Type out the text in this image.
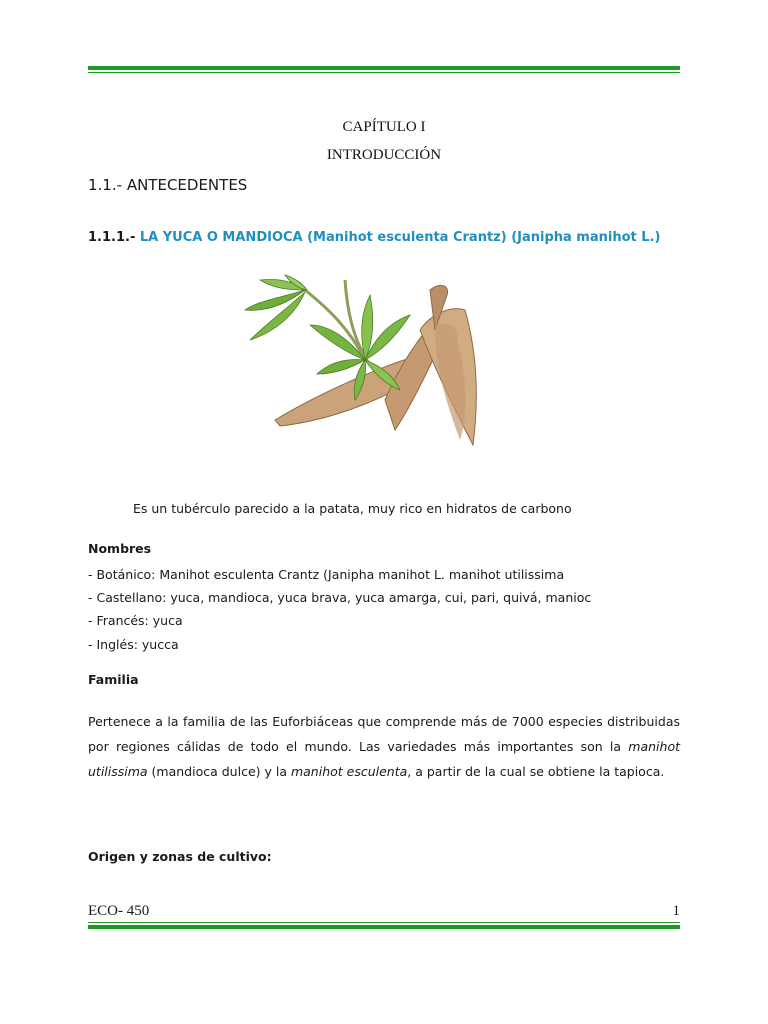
CAPÍTULO I
INTRODUCCIÓN
1.1.- ANTECEDENTES
1.1.1.- LA YUCA O MANDIOCA (Manihot esculenta Crantz) (Janipha manihot L.)
Es un tubérculo parecido a la patata, muy rico en hidratos de carbono
Nombres
- Botánico: Manihot esculenta Crantz (Janipha manihot L. manihot utilissima
- Castellano: yuca, mandioca, yuca brava, yuca amarga, cui, pari, quivá, manioc
- Francés: yuca
- Inglés: yucca
Familia
Pertenece a la familia de las Euforbiáceas que comprende más de 7000 especies distribuidas por regiones cálidas de todo el mundo. Las variedades más importantes son la manihot utilissima (mandioca dulce) y la manihot esculenta, a partir de la cual se obtiene la tapioca.
Origen y zonas de cultivo:
ECO- 450	1
